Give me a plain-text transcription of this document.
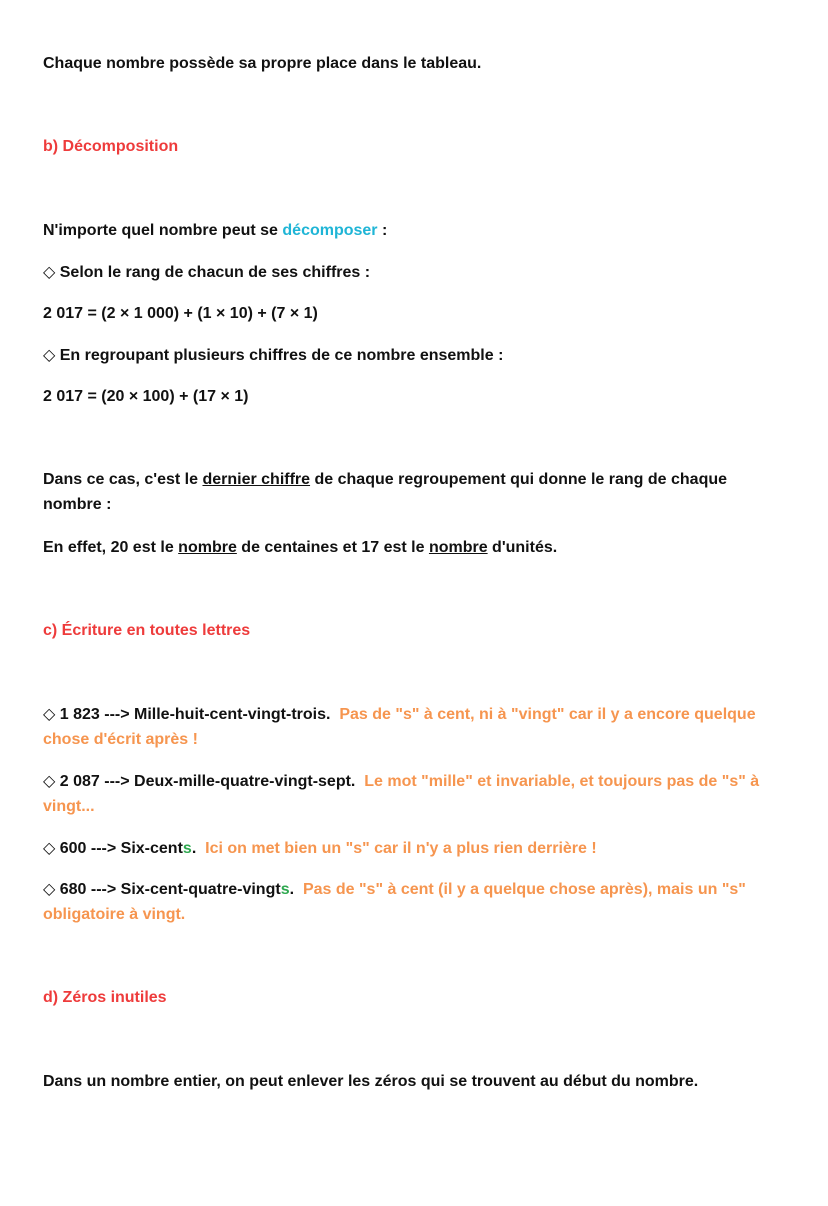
Chaque nombre possède sa propre place dans le tableau.
b) Décomposition
N'importe quel nombre peut se décomposer :
◇ Selon le rang de chacun de ses chiffres :
2 017 = (2 × 1 000) + (1 × 10) + (7 × 1)
◇ En regroupant plusieurs chiffres de ce nombre ensemble :
2 017 = (20 × 100) + (17 × 1)
Dans ce cas, c'est le dernier chiffre de chaque regroupement qui donne le rang de chaque nombre :
En effet, 20 est le nombre de centaines et 17 est le nombre d'unités.
c) Écriture en toutes lettres
◇ 1 823 ---> Mille-huit-cent-vingt-trois. Pas de "s" à cent, ni à "vingt" car il y a encore quelque chose d'écrit après !
◇ 2 087 ---> Deux-mille-quatre-vingt-sept. Le mot "mille" et invariable, et toujours pas de "s" à vingt...
◇ 600 ---> Six-cents. Ici on met bien un "s" car il n'y a plus rien derrière !
◇ 680 ---> Six-cent-quatre-vingts. Pas de "s" à cent (il y a quelque chose après), mais un "s" obligatoire à vingt.
d) Zéros inutiles
Dans un nombre entier, on peut enlever les zéros qui se trouvent au début du nombre.
